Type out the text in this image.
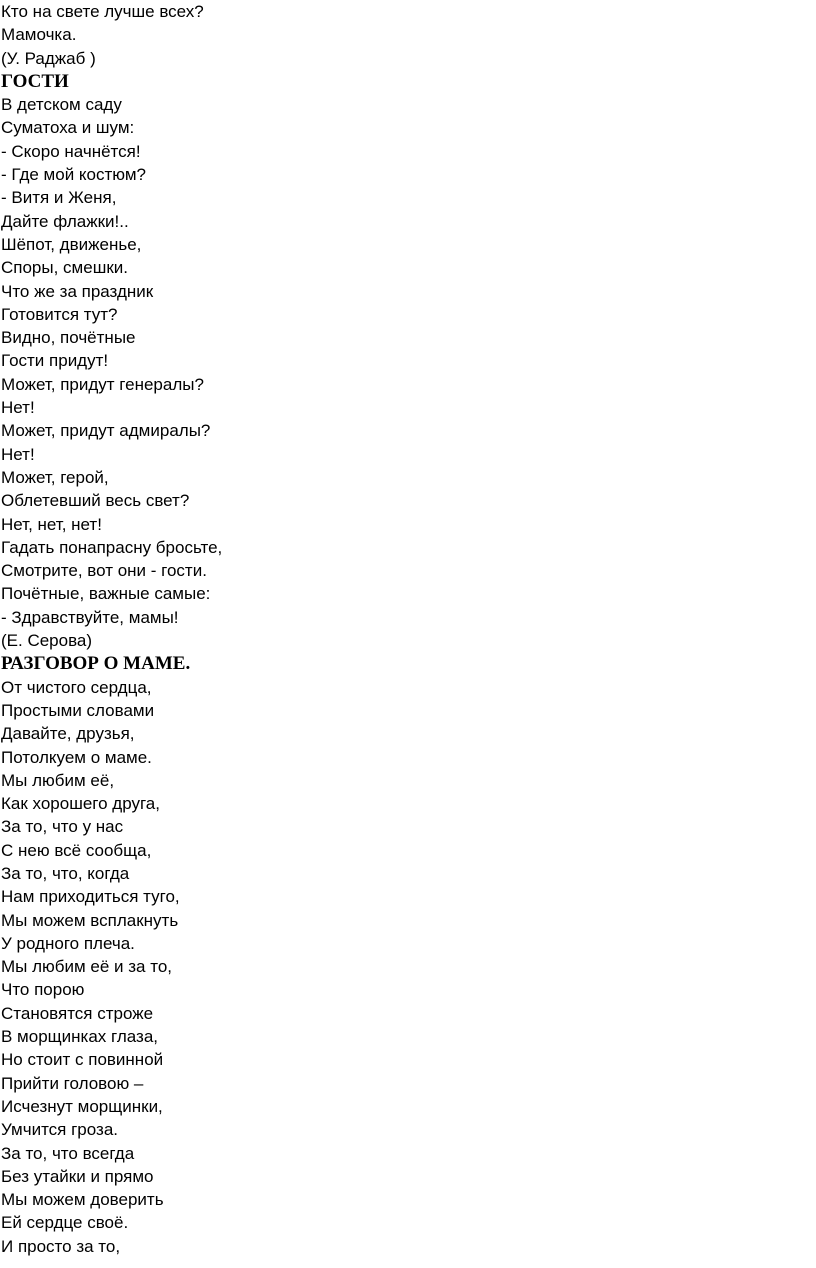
Кто на свете лучше всех?
Мамочка.
(У. Раджаб )
ГОСТИ
В детском саду
Суматоха и шум:
- Скоро начнётся!
- Где мой костюм?
- Витя и Женя,
Дайте флажки!..
Шёпот, движенье,
Споры, смешки.
Что же за праздник
Готовится тут?
Видно, почётные
Гости придут!
Может, придут генералы?
Нет!
Может, придут адмиралы?
Нет!
Может, герой,
Облетевший весь свет?
Нет, нет, нет!
Гадать понапрасну бросьте,
Смотрите, вот они - гости.
Почётные, важные самые:
- Здравствуйте, мамы!
(Е. Серова)
РАЗГОВОР О МАМЕ.
От чистого сердца,
Простыми словами
Давайте, друзья,
Потолкуем о маме.
Мы любим её,
Как хорошего друга,
За то, что у нас
С нею всё сообща,
За то, что, когда
Нам приходиться туго,
Мы можем всплакнуть
У родного плеча.
Мы любим её и за то,
Что порою
Становятся строже
В морщинках глаза,
Но стоит с повинной
Прийти головою –
Исчезнут морщинки,
Умчится гроза.
За то, что всегда
Без утайки и прямо
Мы можем доверить
Ей сердце своё.
И просто за то,
